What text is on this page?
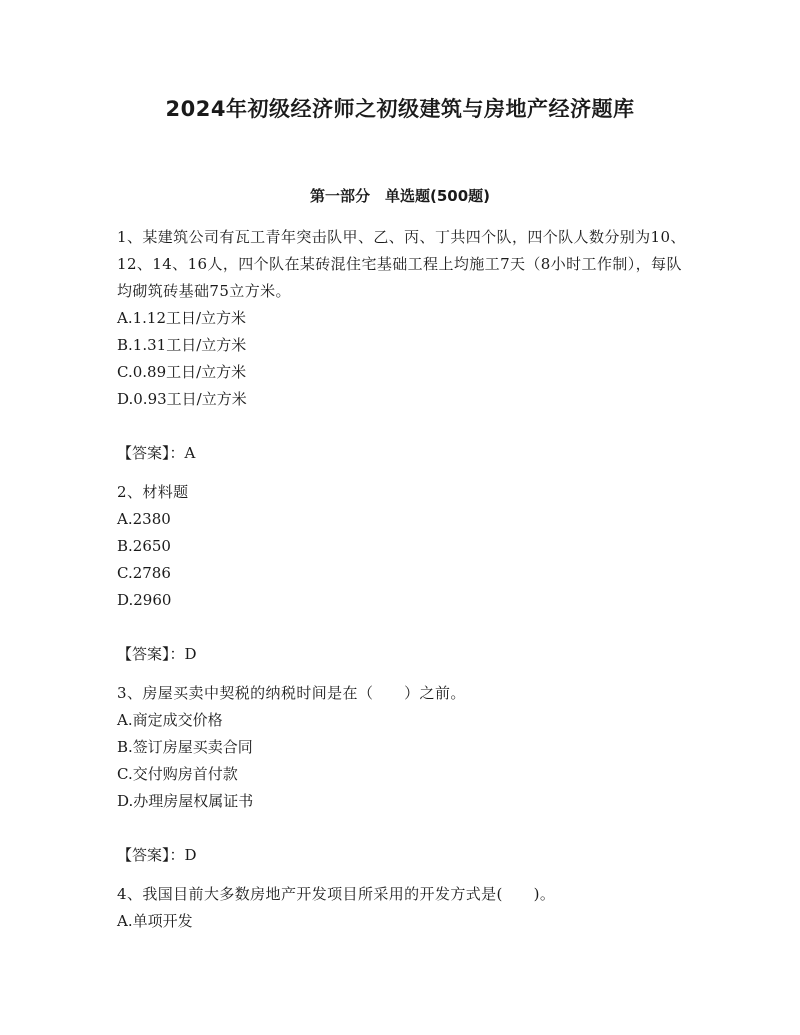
2024年初级经济师之初级建筑与房地产经济题库
第一部分　单选题(500题)
1、某建筑公司有瓦工青年突击队甲、乙、丙、丁共四个队，四个队人数分别为10、12、14、16人，四个队在某砖混住宅基础工程上均施工7天（8小时工作制），每队均砌筑砖基础75立方米。
A.1.12工日/立方米
B.1.31工日/立方米
C.0.89工日/立方米
D.0.93工日/立方米
【答案】：A
2、材料题
A.2380
B.2650
C.2786
D.2960
【答案】：D
3、房屋买卖中契税的纳税时间是在（　　）之前。
A.商定成交价格
B.签订房屋买卖合同
C.交付购房首付款
D.办理房屋权属证书
【答案】：D
4、我国目前大多数房地产开发项目所采用的开发方式是(　　)。
A.单项开发
